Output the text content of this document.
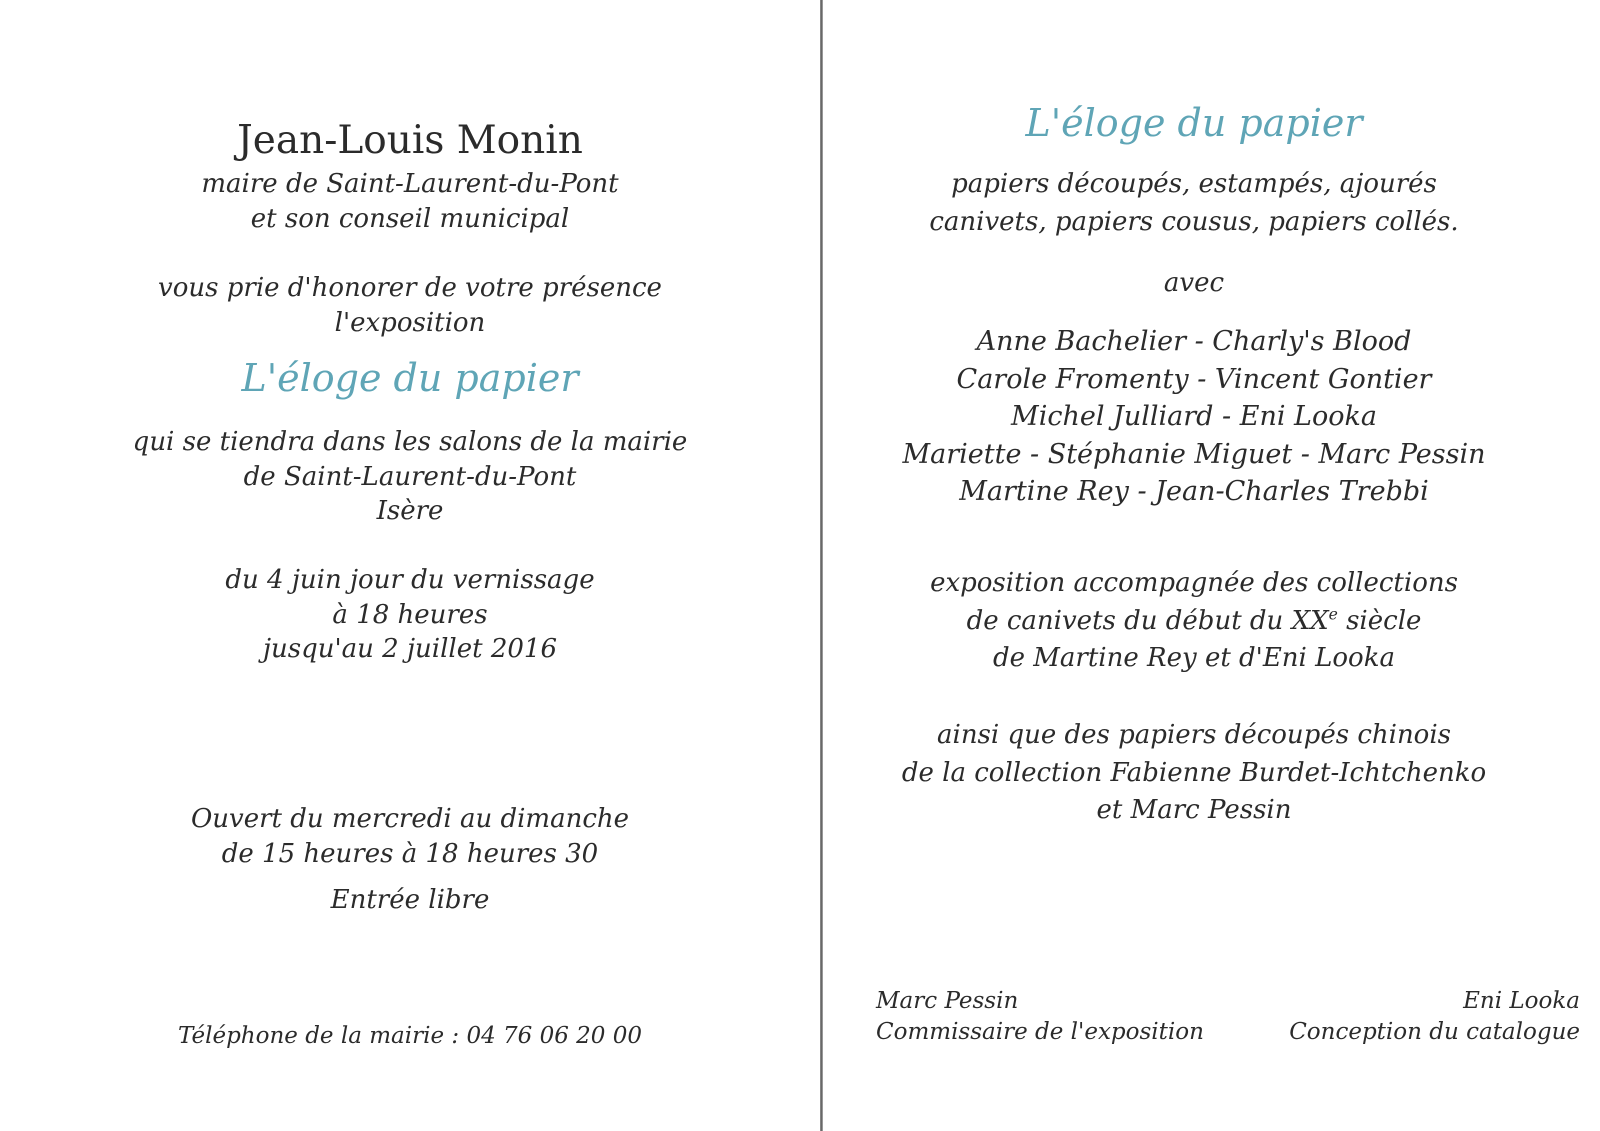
Jean-Louis Monin
maire de Saint-Laurent-du-Pont
et son conseil municipal
vous prie d'honorer de votre présence
l'exposition
L'éloge du papier
qui se tiendra dans les salons de la mairie
de Saint-Laurent-du-Pont
Isère
du 4 juin jour du vernissage
à 18 heures
jusqu'au 2 juillet 2016
Ouvert du mercredi au dimanche
de 15 heures à 18 heures 30
Entrée libre
Téléphone de la mairie : 04 76 06 20 00
L'éloge du papier
papiers découpés, estampés, ajourés
canivets, papiers cousus, papiers collés.
avec
Anne Bachelier - Charly's Blood
Carole Fromenty - Vincent Gontier
Michel Julliard - Eni Looka
Mariette - Stéphanie Miguet - Marc Pessin
Martine Rey - Jean-Charles Trebbi
exposition accompagnée des collections
de canivets du début du XXe siècle
de Martine Rey et d'Eni Looka
ainsi que des papiers découpés chinois
de la collection Fabienne Burdet-Ichtchenko
et Marc Pessin
Marc Pessin
Commissaire de l'exposition
Eni Looka
Conception du catalogue
